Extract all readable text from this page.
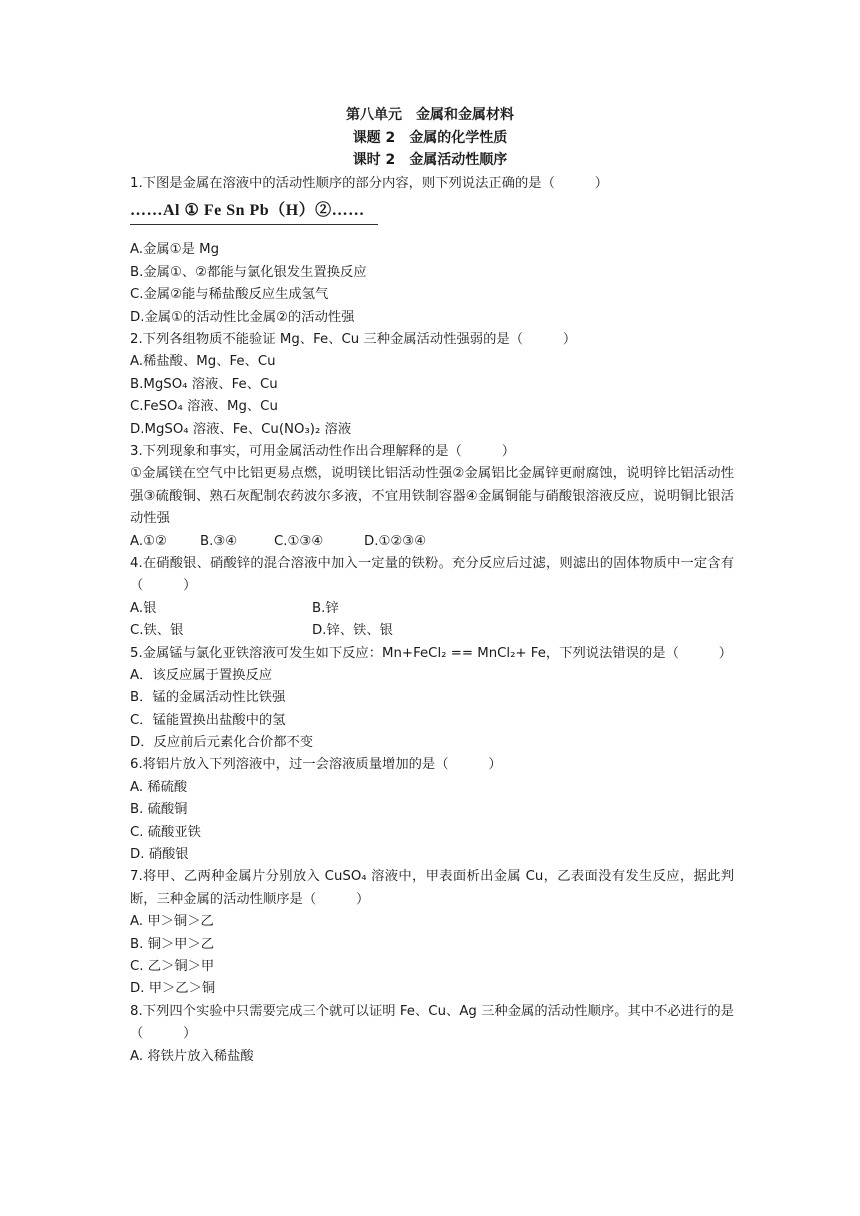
第八单元　金属和金属材料
课题 2　金属的化学性质
课时 2　金属活动性顺序
1.下图是金属在溶液中的活动性顺序的部分内容，则下列说法正确的是（　　　）
……Al ① Fe Sn Pb（H）②……
A.金属①是 Mg
B.金属①、②都能与氯化银发生置换反应
C.金属②能与稀盐酸反应生成氢气
D.金属①的活动性比金属②的活动性强
2.下列各组物质不能验证 Mg、Fe、Cu 三种金属活动性强弱的是（　　　）
A.稀盐酸、Mg、Fe、Cu
B.MgSO₄ 溶液、Fe、Cu
C.FeSO₄ 溶液、Mg、Cu
D.MgSO₄ 溶液、Fe、Cu(NO₃)₂ 溶液
3.下列现象和事实，可用金属活动性作出合理解释的是（　　　）
①金属镁在空气中比铝更易点燃，说明镁比铝活动性强②金属铝比金属锌更耐腐蚀，说明锌比铝活动性强③硫酸铜、熟石灰配制农药波尔多液，不宜用铁制容器④金属铜能与硝酸银溶液反应，说明铜比银活动性强
A.①②	B.③④	C.①③④	D.①②③④
4.在硝酸银、硝酸锌的混合溶液中加入一定量的铁粉。充分反应后过滤，则滤出的固体物质中一定含有（　　　）
A.银	B.锌
C.铁、银	D.锌、铁、银
5.金属锰与氯化亚铁溶液可发生如下反应：Mn+FeCl₂ == MnCl₂+ Fe，下列说法错误的是（　　　）
A．该反应属于置换反应
B．锰的金属活动性比铁强
C．锰能置换出盐酸中的氢
D．反应前后元素化合价都不变
6.将铝片放入下列溶液中，过一会溶液质量增加的是（　　　）
A. 稀硫酸
B. 硫酸铜
C. 硫酸亚铁
D. 硝酸银
7.将甲、乙两种金属片分别放入 CuSO₄ 溶液中，甲表面析出金属 Cu，乙表面没有发生反应，据此判断，三种金属的活动性顺序是（　　　）
A. 甲＞铜＞乙
B. 铜＞甲＞乙
C. 乙＞铜＞甲
D. 甲＞乙＞铜
8.下列四个实验中只需要完成三个就可以证明 Fe、Cu、Ag 三种金属的活动性顺序。其中不必进行的是（　　　）
A. 将铁片放入稀盐酸
